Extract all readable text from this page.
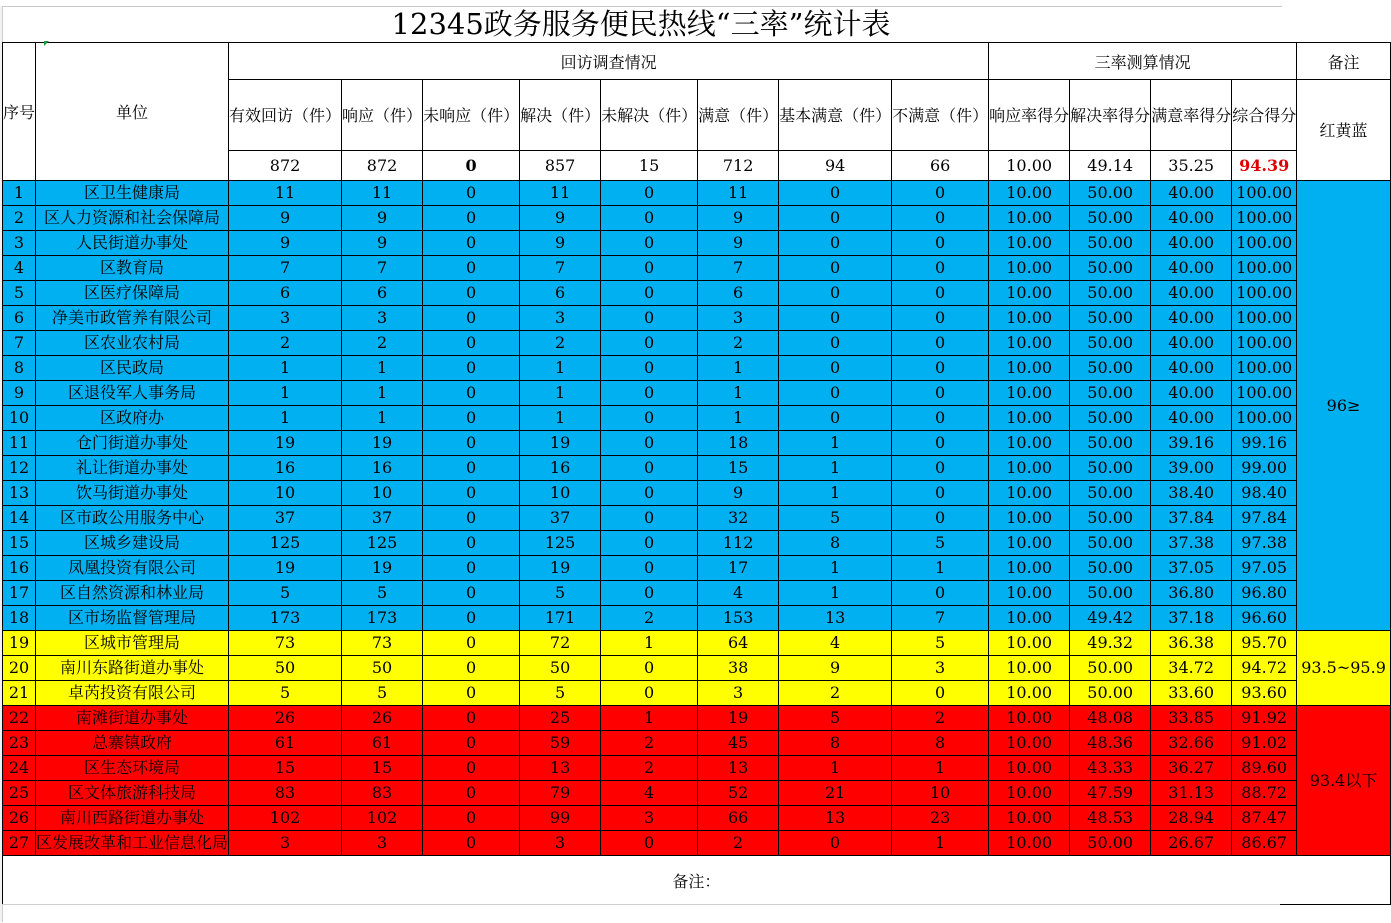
12345政务服务便民热线“三率”统计表
序号	单位	回访调查情况								三率测算情况				备注
		有效回访（件）	响应（件）	未响应（件）	解决（件）	未解决（件）	满意（件）	基本满意（件）	不满意（件）	响应率得分	解决率得分	满意率得分	综合得分	红黄蓝
		872	872	0	857	15	712	94	66	10.00	49.14	35.25	94.39	
1	区卫生健康局	11	11	0	11	0	11	0	0	10.00	50.00	40.00	100.00	96≥
2	区人力资源和社会保障局	9	9	0	9	0	9	0	0	10.00	50.00	40.00	100.00	
3	人民街道办事处	9	9	0	9	0	9	0	0	10.00	50.00	40.00	100.00	
4	区教育局	7	7	0	7	0	7	0	0	10.00	50.00	40.00	100.00	
5	区医疗保障局	6	6	0	6	0	6	0	0	10.00	50.00	40.00	100.00	
6	净美市政管养有限公司	3	3	0	3	0	3	0	0	10.00	50.00	40.00	100.00	
7	区农业农村局	2	2	0	2	0	2	0	0	10.00	50.00	40.00	100.00	
8	区民政局	1	1	0	1	0	1	0	0	10.00	50.00	40.00	100.00	
9	区退役军人事务局	1	1	0	1	0	1	0	0	10.00	50.00	40.00	100.00	
10	区政府办	1	1	0	1	0	1	0	0	10.00	50.00	40.00	100.00	
11	仓门街道办事处	19	19	0	19	0	18	1	0	10.00	50.00	39.16	99.16	
12	礼让街道办事处	16	16	0	16	0	15	1	0	10.00	50.00	39.00	99.00	
13	饮马街道办事处	10	10	0	10	0	9	1	0	10.00	50.00	38.40	98.40	
14	区市政公用服务中心	37	37	0	37	0	32	5	0	10.00	50.00	37.84	97.84	
15	区城乡建设局	125	125	0	125	0	112	8	5	10.00	50.00	37.38	97.38	
16	凤凰投资有限公司	19	19	0	19	0	17	1	1	10.00	50.00	37.05	97.05	
17	区自然资源和林业局	5	5	0	5	0	4	1	0	10.00	50.00	36.80	96.80	
18	区市场监督管理局	173	173	0	171	2	153	13	7	10.00	49.42	37.18	96.60	
19	区城市管理局	73	73	0	72	1	64	4	5	10.00	49.32	36.38	95.70	93.5~95.9
20	南川东路街道办事处	50	50	0	50	0	38	9	3	10.00	50.00	34.72	94.72	
21	卓芮投资有限公司	5	5	0	5	0	3	2	0	10.00	50.00	33.60	93.60	
22	南滩街道办事处	26	26	0	25	1	19	5	2	10.00	48.08	33.85	91.92	93.4以下
23	总寨镇政府	61	61	0	59	2	45	8	8	10.00	48.36	32.66	91.02	
24	区生态环境局	15	15	0	13	2	13	1	1	10.00	43.33	36.27	89.60	
25	区文体旅游科技局	83	83	0	79	4	52	21	10	10.00	47.59	31.13	88.72	
26	南川西路街道办事处	102	102	0	99	3	66	13	23	10.00	48.53	28.94	87.47	
27	区发展改革和工业信息化局	3	3	0	3	0	2	0	1	10.00	50.00	26.67	86.67	
备注：														
